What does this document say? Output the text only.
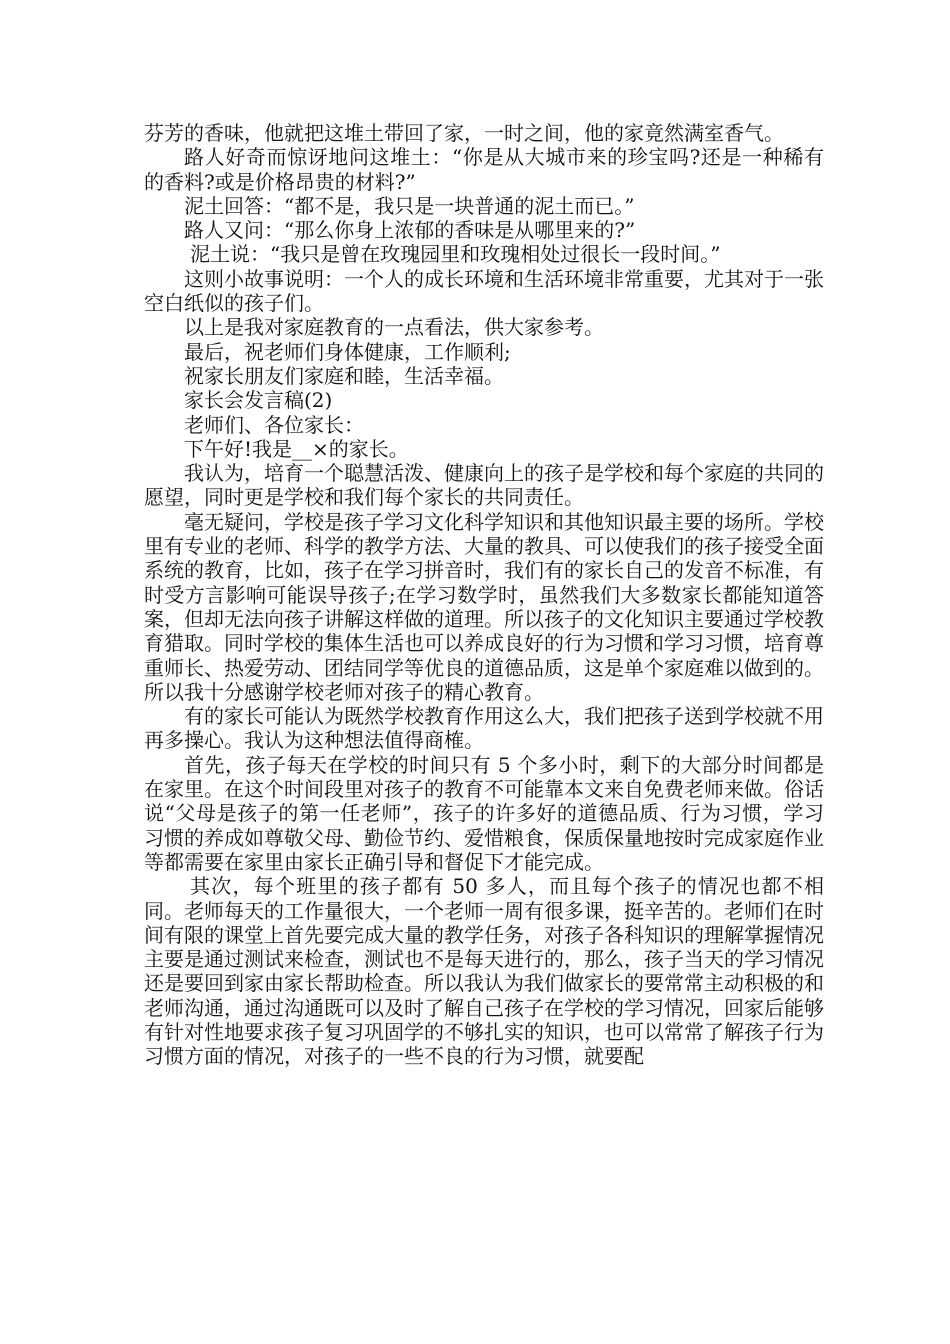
芬芳的香味，他就把这堆土带回了家，一时之间，他的家竟然满室香气。

路人好奇而惊讶地问这堆土：“你是从大城市来的珍宝吗?还是一种稀有的香料?或是价格昂贵的材料?”

泥土回答：“都不是，我只是一块普通的泥土而已。”

路人又问：“那么你身上浓郁的香味是从哪里来的?”

泥土说：“我只是曾在玫瑰园里和玫瑰相处过很长一段时间。”

这则小故事说明：一个人的成长环境和生活环境非常重要，尤其对于一张空白纸似的孩子们。

以上是我对家庭教育的一点看法，供大家参考。

最后，祝老师们身体健康，工作顺利;

祝家长朋友们家庭和睦，生活幸福。

家长会发言稿(2)

老师们、各位家长：

下午好!我是__×的家长。

我认为，培育一个聪慧活泼、健康向上的孩子是学校和每个家庭的共同的愿望，同时更是学校和我们每个家长的共同责任。

毫无疑问，学校是孩子学习文化科学知识和其他知识最主要的场所。学校里有专业的老师、科学的教学方法、大量的教具、可以使我们的孩子接受全面系统的教育，比如，孩子在学习拼音时，我们有的家长自己的发音不标准，有时受方言影响可能误导孩子;在学习数学时，虽然我们大多数家长都能知道答案，但却无法向孩子讲解这样做的道理。所以孩子的文化知识主要通过学校教育猎取。同时学校的集体生活也可以养成良好的行为习惯和学习习惯，培育尊重师长、热爱劳动、团结同学等优良的道德品质，这是单个家庭难以做到的。所以我十分感谢学校老师对孩子的精心教育。

有的家长可能认为既然学校教育作用这么大，我们把孩子送到学校就不用再多操心。我认为这种想法值得商榷。

首先，孩子每天在学校的时间只有 5 个多小时，剩下的大部分时间都是在家里。在这个时间段里对孩子的教育不可能靠本文来自免费老师来做。俗话说“父母是孩子的第一任老师”，孩子的许多好的道德品质、行为习惯，学习习惯的养成如尊敬父母、勤俭节约、爱惜粮食，保质保量地按时完成家庭作业等都需要在家里由家长正确引导和督促下才能完成。

其次，每个班里的孩子都有 50 多人，而且每个孩子的情况也都不相同。老师每天的工作量很大，一个老师一周有很多课，挺辛苦的。老师们在时间有限的课堂上首先要完成大量的教学任务，对孩子各科知识的理解掌握情况主要是通过测试来检查，测试也不是每天进行的，那么，孩子当天的学习情况还是要回到家由家长帮助检查。所以我认为我们做家长的要常常主动积极的和老师沟通，通过沟通既可以及时了解自己孩子在学校的学习情况，回家后能够有针对性地要求孩子复习巩固学的不够扎实的知识，也可以常常了解孩子行为习惯方面的情况，对孩子的一些不良的行为习惯，就要配
